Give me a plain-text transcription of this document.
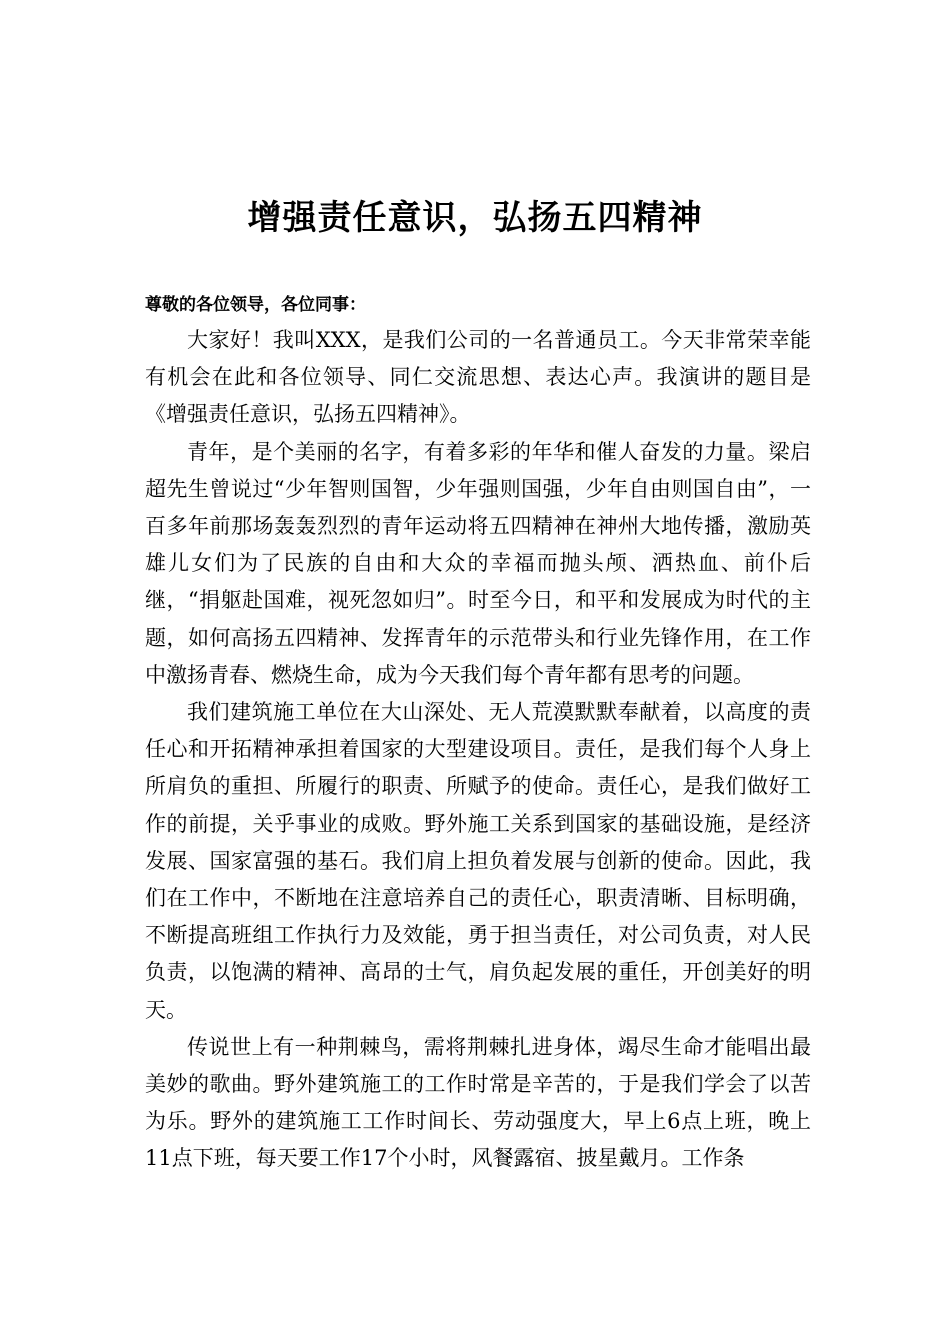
增强责任意识，弘扬五四精神
尊敬的各位领导，各位同事：

大家好！我叫XXX，是我们公司的一名普通员工。今天非常荣幸能有机会在此和各位领导、同仁交流思想、表达心声。我演讲的题目是《增强责任意识，弘扬五四精神》。

青年，是个美丽的名字，有着多彩的年华和催人奋发的力量。梁启超先生曾说过“少年智则国智，少年强则国强，少年自由则国自由”，一百多年前那场轰轰烈烈的青年运动将五四精神在神州大地传播，激励英雄儿女们为了民族的自由和大众的幸福而抛头颅、洒热血、前仆后继，“捐躯赴国难，视死忽如归”。时至今日，和平和发展成为时代的主题，如何高扬五四精神、发挥青年的示范带头和行业先锋作用，在工作中激扬青春、燃烧生命，成为今天我们每个青年都有思考的问题。

我们建筑施工单位在大山深处、无人荒漠默默奉献着，以高度的责任心和开拓精神承担着国家的大型建设项目。责任，是我们每个人身上所肩负的重担、所履行的职责、所赋予的使命。责任心，是我们做好工作的前提，关乎事业的成败。野外施工关系到国家的基础设施，是经济发展、国家富强的基石。我们肩上担负着发展与创新的使命。因此，我们在工作中，不断地在注意培养自己的责任心，职责清晰、目标明确，不断提高班组工作执行力及效能，勇于担当责任，对公司负责，对人民负责，以饱满的精神、高昂的士气，肩负起发展的重任，开创美好的明天。

传说世上有一种荆棘鸟，需将荆棘扎进身体，竭尽生命才能唱出最美妙的歌曲。野外建筑施工的工作时常是辛苦的，于是我们学会了以苦为乐。野外的建筑施工工作时间长、劳动强度大，早上6点上班，晚上11点下班，每天要工作17个小时，风餐露宿、披星戴月。工作条
